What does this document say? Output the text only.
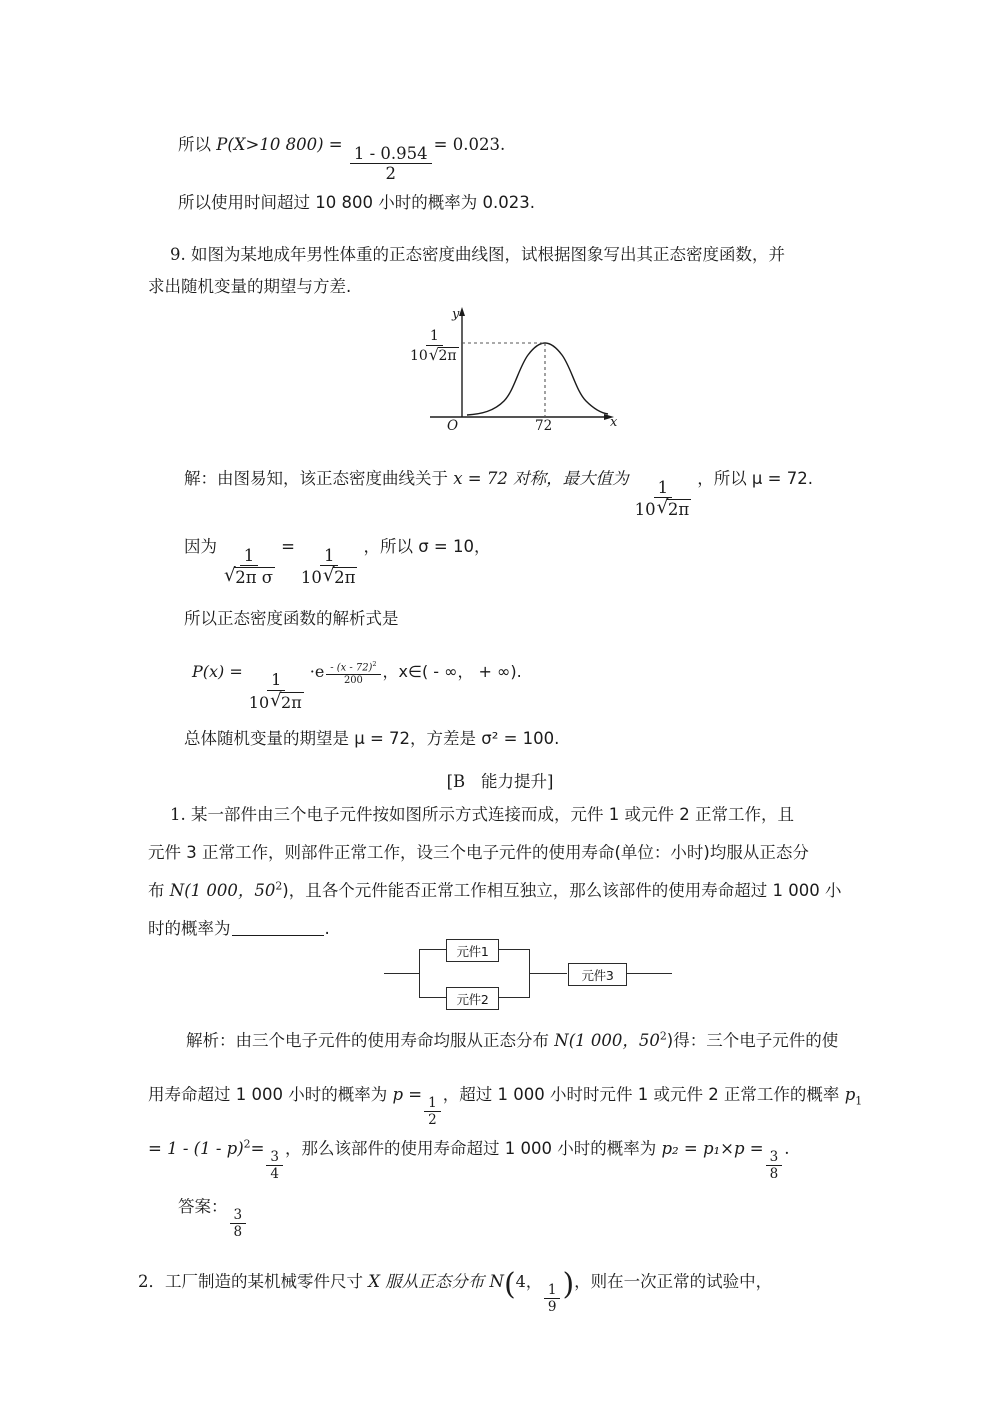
所以 P(X>10 800) =
$\frac{1 - 0.954}{2}$
= 0.023.
所以使用时间超过 10 800 小时的概率为 0.023.
9. 如图为某地成年男性体重的正态密度曲线图，试根据图象写出其正态密度函数，并
求出随机变量的期望与方差.
y
x
O	72
$\frac{1}{10 √ 2\pi}$
解：由图易知，该正态密度曲线关于 x = 72 对称，最大值为
$\frac{1}{10 √ 2\pi}$
，所以 μ = 72.
因为
$\frac{1}{\text{√ 2π σ}}$
=
$\frac{1}{10 √ 2\pi}$
，所以 σ = 10，
所以正态密度函数的解析式是
P(x) =
$\frac{1}{10 √ 2\pi}$
$\cdot e \frac{- (x - 72)^2}{200}$ ，x∈( - ∞， + ∞).
总体随机变量的期望是 μ = 72，方差是 σ² = 100.
[B 能力提升]
1. 某一部件由三个电子元件按如图所示方式连接而成，元件 1 或元件 2 正常工作，且
元件 3 正常工作，则部件正常工作，设三个电子元件的使用寿命(单位：小时)均服从正态分
布 N(1 000，$50^2$)，且各个元件能否正常工作相互独立，那么该部件的使用寿命超过 1 000 小
时的概率为	.
元件1
元件2
元件3
解析：由三个电子元件的使用寿命均服从正态分布 N(1 000，$50^2$)得：三个电子元件的使
用寿命超过 1 000 小时的概率为 p =
$\frac{1}{2}$
，超过 1 000 小时时元件 1 或元件 2 正常工作的概率 $p_1$
= 1 - (1 - p)$^2$=
$\frac{3}{4}$
，那么该部件的使用寿命超过 1 000 小时的概率为 p₂ = p₁×p =
$\frac{3}{8}$
.
答案：
$\frac{3}{8}$
2．工厂制造的某机械零件尺寸 X 服从正态分布 N(4，
$\frac{1}{9}$ )，则在一次正常的试验中，
